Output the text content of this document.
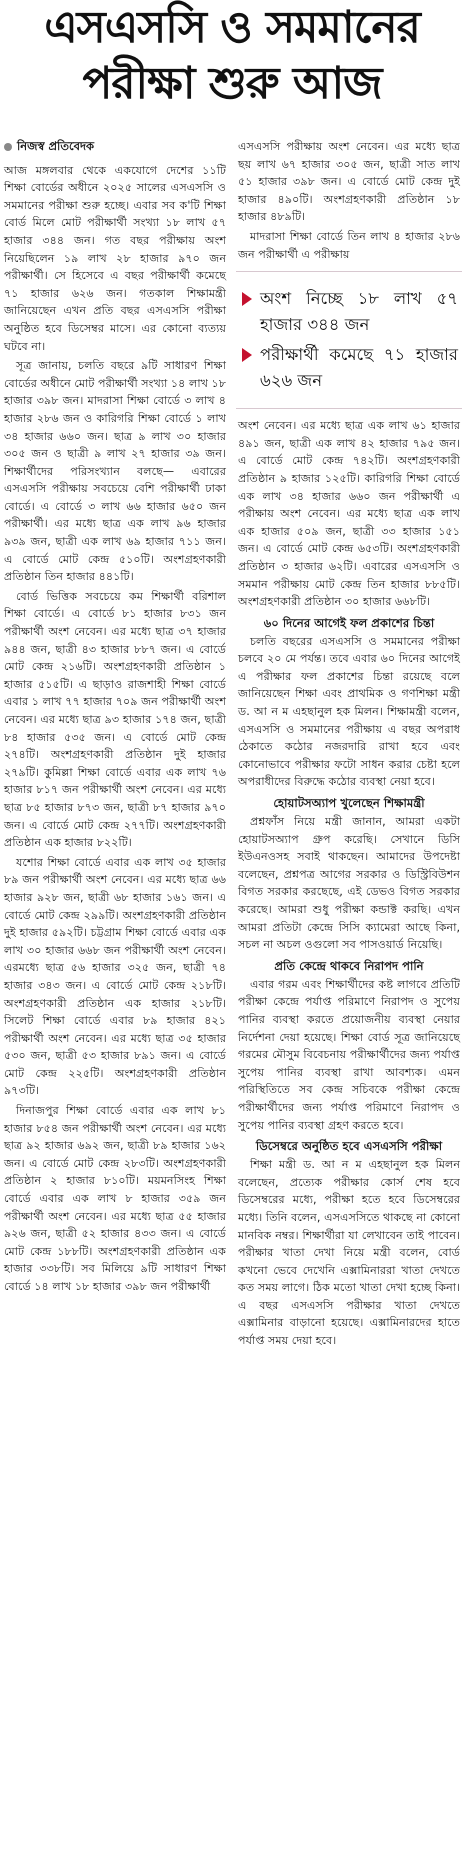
এসএসসি ও সমমানের
পরীক্ষা শুরু আজ
নিজস্ব প্রতিবেদক

আজ মঙ্গলবার থেকে একযোগে দেশের ১১টি শিক্ষা বোর্ডের অধীনে ২০২৫ সালের এসএসসি ও সমমানের পরীক্ষা শুরু হচ্ছে। এবার সব ক'টি শিক্ষা বোর্ড মিলে মোট পরীক্ষার্থী সংখ্যা ১৮ লাখ ৫৭ হাজার ৩৪৪ জন। গত বছর পরীক্ষায় অংশ নিয়েছিলেন ১৯ লাখ ২৮ হাজার ৯৭০ জন পরীক্ষার্থী। সে হিসেবে এ বছর পরীক্ষার্থী কমেছে ৭১ হাজার ৬২৬ জন। গতকাল শিক্ষামন্ত্রী জানিয়েছেন এখন প্রতি বছর এসএসসি পরীক্ষা অনুষ্ঠিত হবে ডিসেম্বর মাসে। এর কোনো ব্যত্যয় ঘটবে না।

সূত্র জানায়, চলতি বছরে ৯টি সাধারণ শিক্ষা বোর্ডের অধীনে মোট পরীক্ষার্থী সংখ্যা ১৪ লাখ ১৮ হাজার ৩৯৮ জন। মাদরাসা শিক্ষা বোর্ডে ৩ লাখ ৪ হাজার ২৮৬ জন ও কারিগরি শিক্ষা বোর্ডে ১ লাখ ৩৪ হাজার ৬৬০ জন। ছাত্র ৯ লাখ ৩০ হাজার ৩০৫ জন ও ছাত্রী ৯ লাখ ২৭ হাজার ৩৯ জন। শিক্ষার্থীদের পরিসংখ্যান বলছে— এবারের এসএসসি পরীক্ষায় সবচেয়ে বেশি পরীক্ষার্থী ঢাকা বোর্ডে। এ বোর্ডে ৩ লাখ ৬৬ হাজার ৬৫০ জন পরীক্ষার্থী। এর মধ্যে ছাত্র এক লাখ ৯৬ হাজার ৯৩৯ জন, ছাত্রী এক লাখ ৬৯ হাজার ৭১১ জন। এ বোর্ডে মোট কেন্দ্র ৫১০টি। অংশগ্রহণকারী প্রতিষ্ঠান তিন হাজার ৪৪১টি।

বোর্ড ভিত্তিক সবচেয়ে কম শিক্ষার্থী বরিশাল শিক্ষা বোর্ডে। এ বোর্ডে ৮১ হাজার ৮৩১ জন পরীক্ষার্থী অংশ নেবেন। এর মধ্যে ছাত্র ৩৭ হাজার ৯৪৪ জন, ছাত্রী ৪৩ হাজার ৮৮৭ জন। এ বোর্ডে মোট কেন্দ্র ২১৬টি। অংশগ্রহণকারী প্রতিষ্ঠান ১ হাজার ৫১৫টি। এ ছাড়াও রাজশাহী শিক্ষা বোর্ডে এবার ১ লাখ ৭৭ হাজার ৭০৯ জন পরীক্ষার্থী অংশ নেবেন। এর মধ্যে ছাত্র ৯৩ হাজার ১৭৪ জন, ছাত্রী ৮৪ হাজার ৫৩৫ জন। এ বোর্ডে মোট কেন্দ্র ২৭৪টি। অংশগ্রহণকারী প্রতিষ্ঠান দুই হাজার ২৭৯টি। কুমিল্লা শিক্ষা বোর্ডে এবার এক লাখ ৭৬ হাজার ৮১৭ জন পরীক্ষার্থী অংশ নেবেন। এর মধ্যে ছাত্র ৮৫ হাজার ৮৭৩ জন, ছাত্রী ৮৭ হাজার ৯৭০ জন। এ বোর্ডে মোট কেন্দ্র ২৭৭টি। অংশগ্রহণকারী প্রতিষ্ঠান এক হাজার ৮২২টি।

যশোর শিক্ষা বোর্ডে এবার এক লাখ ৩৫ হাজার ৮৯ জন পরীক্ষার্থী অংশ নেবেন। এর মধ্যে ছাত্র ৬৬ হাজার ৯২৮ জন, ছাত্রী ৬৮ হাজার ১৬১ জন। এ বোর্ডে মোট কেন্দ্র ২৯৯টি। অংশগ্রহণকারী প্রতিষ্ঠান দুই হাজার ৫৯২টি। চট্টগ্রাম শিক্ষা বোর্ডে এবার এক লাখ ৩০ হাজার ৬৬৮ জন পরীক্ষার্থী অংশ নেবেন। এরমধ্যে ছাত্র ৫৬ হাজার ৩২৫ জন, ছাত্রী ৭৪ হাজার ৩৪৩ জন। এ বোর্ডে মোট কেন্দ্র ২১৮টি। অংশগ্রহণকারী প্রতিষ্ঠান এক হাজার ২১৮টি। সিলেট শিক্ষা বোর্ডে এবার ৮৯ হাজার ৪২১ পরীক্ষার্থী অংশ নেবেন। এর মধ্যে ছাত্র ৩৫ হাজার ৫৩০ জন, ছাত্রী ৫৩ হাজার ৮৯১ জন। এ বোর্ডে মোট কেন্দ্র ২২৫টি। অংশগ্রহণকারী প্রতিষ্ঠান ৯৭৩টি।

দিনাজপুর শিক্ষা বোর্ডে এবার এক লাখ ৮১ হাজার ৮৫৪ জন পরীক্ষার্থী অংশ নেবেন। এর মধ্যে ছাত্র ৯২ হাজার ৬৯২ জন, ছাত্রী ৮৯ হাজার ১৬২ জন। এ বোর্ডে মোট কেন্দ্র ২৮৩টি। অংশগ্রহণকারী প্রতিষ্ঠান ২ হাজার ৮১০টি। ময়মনসিংহ শিক্ষা বোর্ডে এবার এক লাখ ৮ হাজার ৩৫৯ জন পরীক্ষার্থী অংশ নেবেন। এর মধ্যে ছাত্র ৫৫ হাজার ৯২৬ জন, ছাত্রী ৫২ হাজার ৪৩৩ জন। এ বোর্ডে মোট কেন্দ্র ১৮৮টি। অংশগ্রহণকারী প্রতিষ্ঠান এক হাজার ৩৩৮টি। সব মিলিয়ে ৯টি সাধারণ শিক্ষা বোর্ডে ১৪ লাখ ১৮ হাজার ৩৯৮ জন পরীক্ষার্থী

এসএসসি পরীক্ষায় অংশ নেবেন। এর মধ্যে ছাত্র ছয় লাখ ৬৭ হাজার ৩০৫ জন, ছাত্রী সাত লাখ ৫১ হাজার ৩৯৮ জন। এ বোর্ডে মোট কেন্দ্র দুই হাজার ৪৯০টি। অংশগ্রহণকারী প্রতিষ্ঠান ১৮ হাজার ৪৮৯টি।

মাদরাসা শিক্ষা বোর্ডে তিন লাখ ৪ হাজার ২৮৬ জন পরীক্ষার্থী এ পরীক্ষায়

অংশ নিচ্ছে ১৮ লাখ ৫৭ হাজার ৩৪৪ জন
পরীক্ষার্থী কমেছে ৭১ হাজার ৬২৬ জন

অংশ নেবেন। এর মধ্যে ছাত্র এক লাখ ৬১ হাজার ৪৯১ জন, ছাত্রী এক লাখ ৪২ হাজার ৭৯৫ জন। এ বোর্ডে মোট কেন্দ্র ৭৪২টি। অংশগ্রহণকারী প্রতিষ্ঠান ৯ হাজার ১২৫টি। কারিগরি শিক্ষা বোর্ডে এক লাখ ৩৪ হাজার ৬৬০ জন পরীক্ষার্থী এ পরীক্ষায় অংশ নেবেন। এর মধ্যে ছাত্র এক লাখ এক হাজার ৫০৯ জন, ছাত্রী ৩৩ হাজার ১৫১ জন। এ বোর্ডে মোট কেন্দ্র ৬৫৩টি। অংশগ্রহণকারী প্রতিষ্ঠান ৩ হাজার ৬২টি। এবারের এসএসসি ও সমমান পরীক্ষায় মোট কেন্দ্র তিন হাজার ৮৮৫টি। অংশগ্রহণকারী প্রতিষ্ঠান ৩০ হাজার ৬৬৮টি।

৬০ দিনের আগেই ফল প্রকাশের চিন্তা

চলতি বছরের এসএসসি ও সমমানের পরীক্ষা চলবে ২০ মে পর্যন্ত। তবে এবার ৬০ দিনের আগেই এ পরীক্ষার ফল প্রকাশের চিন্তা রয়েছে বলে জানিয়েছেন শিক্ষা এবং প্রাথমিক ও গণশিক্ষা মন্ত্রী ড. আ ন ম এহছানুল হক মিলন। শিক্ষামন্ত্রী বলেন, এসএসসি ও সমমানের পরীক্ষায় এ বছর অপরাধ ঠেকাতে কঠোর নজরদারি রাখা হবে এবং কোনোভাবে পরীক্ষার ফটো সাধন করার চেষ্টা হলে অপরাধীদের বিরুদ্ধে কঠোর ব্যবস্থা নেয়া হবে।

হোয়াটসঅ্যাপ খুলেছেন শিক্ষামন্ত্রী

প্রশ্নফাঁস নিয়ে মন্ত্রী জানান, আমরা একটা হোয়াটসঅ্যাপ গ্রুপ করেছি। সেখানে ডিসি ইউএনওসহ সবাই থাকছেন। আমাদের উপদেষ্টা বলেছেন, প্রশ্নপত্র আগের সরকার ও ডিস্ট্রিবিউশন বিগত সরকার করছেছে, এই ডেভও বিগত সরকার করেছে। আমরা শুধু পরীক্ষা কন্ডাক্ট করছি। এখন আমরা প্রতিটা কেন্দ্রে সিসি ক্যামেরা আছে কিনা, সচল না অচল ওগুলো সব পাসওয়ার্ড নিয়েছি।

প্রতি কেন্দ্রে থাকবে নিরাপদ পানি

এবার গরম এবং শিক্ষার্থীদের কষ্ট লাগবে প্রতিটি পরীক্ষা কেন্দ্রে পর্যাপ্ত পরিমাণে নিরাপদ ও সুপেয় পানির ব্যবস্থা করতে প্রয়োজনীয় ব্যবস্থা নেয়ার নির্দেশনা দেয়া হয়েছে। শিক্ষা বোর্ড সূত্র জানিয়েছে গরমের মৌসুম বিবেচনায় পরীক্ষার্থীদের জন্য পর্যাপ্ত সুপেয় পানির ব্যবস্থা রাখা আবশ্যক। এমন পরিস্থিতিতে সব কেন্দ্র সচিবকে পরীক্ষা কেন্দ্রে পরীক্ষার্থীদের জন্য পর্যাপ্ত পরিমাণে নিরাপদ ও সুপেয় পানির ব্যবস্থা গ্রহণ করতে হবে।

ডিসেম্বরে অনুষ্ঠিত হবে এসএসসি পরীক্ষা

শিক্ষা মন্ত্রী ড. আ ন ম এহছানুল হক মিলন বলেছেন, প্রত্যেক পরীক্ষার কোর্স শেষ হবে ডিসেম্বরের মধ্যে, পরীক্ষা হতে হবে ডিসেম্বরের মধ্যে। তিনি বলেন, এসএসসিতে থাকছে না কোনো মানবিক নম্বর। শিক্ষার্থীরা যা লেখাবেন তাই পাবেন। পরীক্ষার খাতা দেখা নিয়ে মন্ত্রী বলেন, বোর্ড কখনো ভেবে দেখেনি এক্সামিনাররা খাতা দেখতে কত সময় লাগে। ঠিক মতো খাতা দেখা হচ্ছে কিনা। এ বছর এসএসসি পরীক্ষার খাতা দেখতে এক্সামিনার বাড়ানো হয়েছে। এক্সামিনারদের হাতে পর্যাপ্ত সময় দেয়া হবে।
